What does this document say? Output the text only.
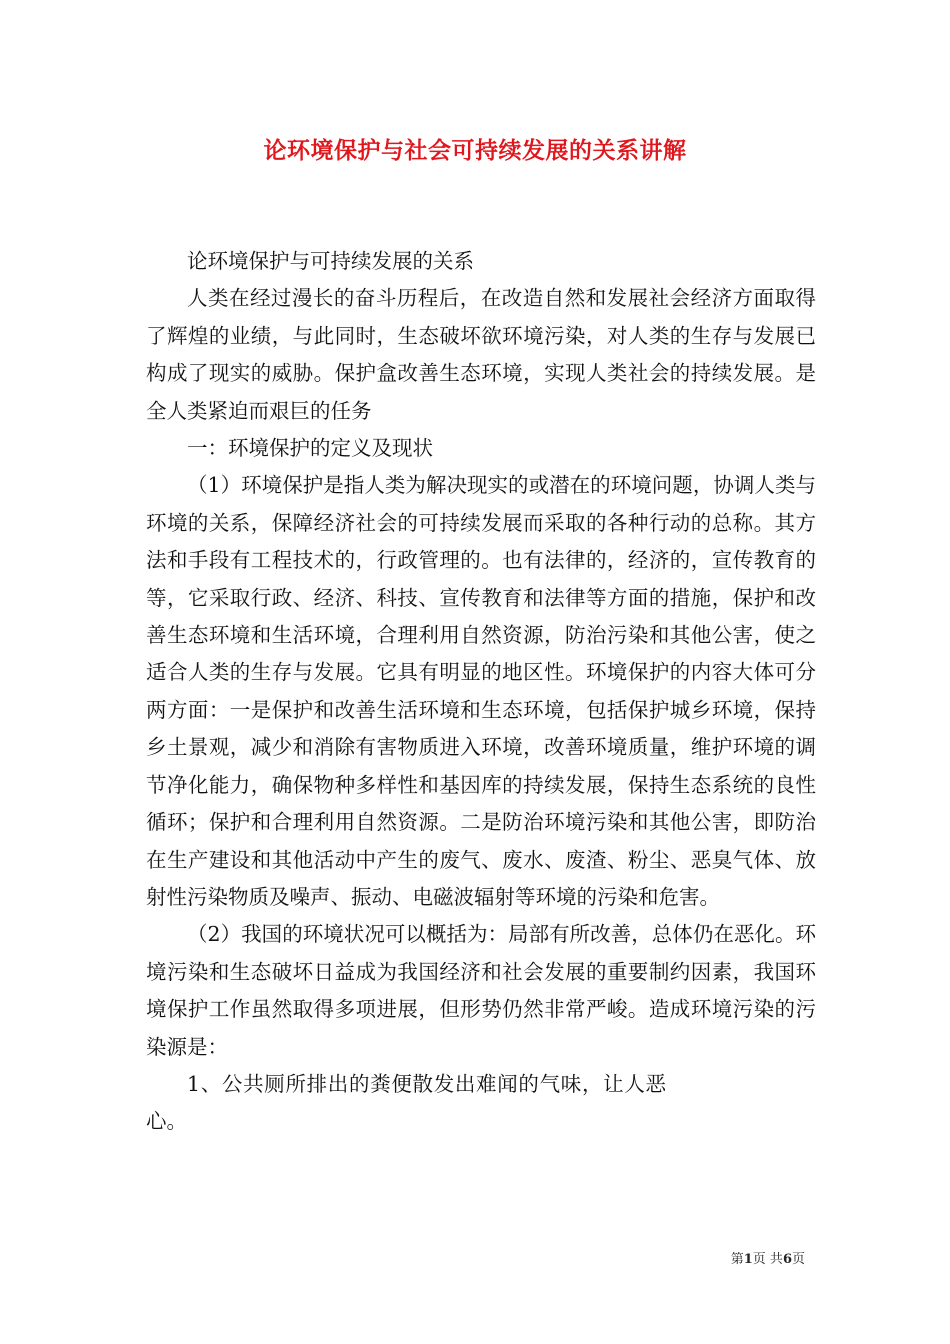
论环境保护与社会可持续发展的关系讲解

论环境保护与可持续发展的关系

人类在经过漫长的奋斗历程后，在改造自然和发展社会经济方面取得了辉煌的业绩，与此同时，生态破坏欲环境污染，对人类的生存与发展已构成了现实的威胁。保护盒改善生态环境，实现人类社会的持续发展。是全人类紧迫而艰巨的任务

一：环境保护的定义及现状

（1）环境保护是指人类为解决现实的或潜在的环境问题，协调人类与环境的关系，保障经济社会的可持续发展而采取的各种行动的总称。其方法和手段有工程技术的，行政管理的。也有法律的，经济的，宣传教育的等，它采取行政、经济、科技、宣传教育和法律等方面的措施，保护和改善生态环境和生活环境，合理利用自然资源，防治污染和其他公害，使之适合人类的生存与发展。它具有明显的地区性。环境保护的内容大体可分两方面：一是保护和改善生活环境和生态环境，包括保护城乡环境，保持乡土景观，减少和消除有害物质进入环境，改善环境质量，维护环境的调节净化能力，确保物种多样性和基因库的持续发展，保持生态系统的良性循环；保护和合理利用自然资源。二是防治环境污染和其他公害，即防治在生产建设和其他活动中产生的废气、废水、废渣、粉尘、恶臭气体、放射性污染物质及噪声、振动、电磁波辐射等环境的污染和危害。

（2）我国的环境状况可以概括为：局部有所改善，总体仍在恶化。环境污染和生态破坏日益成为我国经济和社会发展的重要制约因素，我国环境保护工作虽然取得多项进展，但形势仍然非常严峻。造成环境污染的污染源是：

1、公共厕所排出的粪便散发出难闻的气味，让人恶心。

第1页 共6页
